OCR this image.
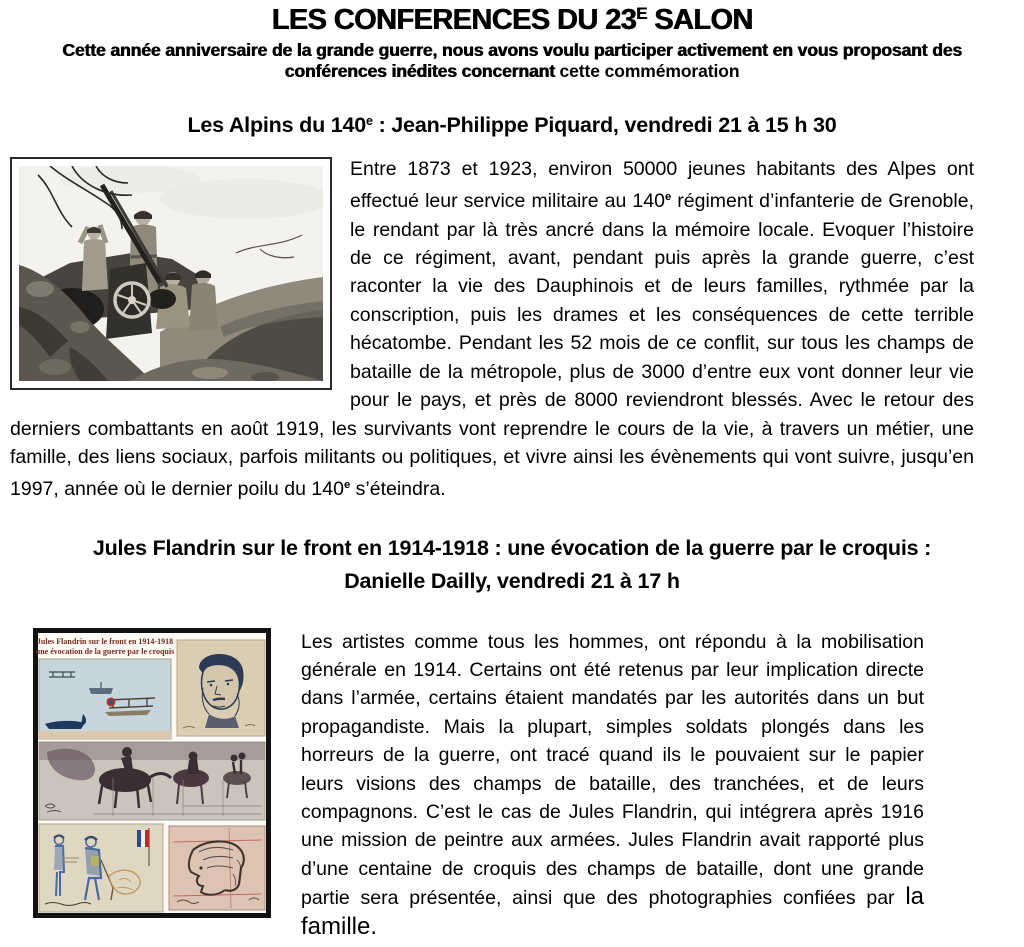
LES CONFERENCES DU 23E SALON
Cette année anniversaire de la grande guerre, nous avons voulu participer activement en vous proposant des conférences inédites concernant cette commémoration
Les Alpins du 140e : Jean-Philippe Piquard, vendredi 21 à 15 h 30

Entre 1873 et 1923, environ 50000 jeunes habitants des Alpes ont effectué leur service militaire au 140e régiment d’infanterie de Grenoble, le rendant par là très ancré dans la mémoire locale. Evoquer l’histoire de ce régiment, avant, pendant puis après la grande guerre, c’est raconter la vie des Dauphinois et de leurs familles, rythmée par la conscription, puis les drames et les conséquences de cette terrible hécatombe. Pendant les 52 mois de ce conflit, sur tous les champs de bataille de la métropole, plus de 3000 d’entre eux vont donner leur vie pour le pays, et près de 8000 reviendront blessés. Avec le retour des derniers combattants en août 1919, les survivants vont reprendre le cours de la vie, à travers un métier, une famille, des liens sociaux, parfois militants ou politiques, et vivre ainsi les évènements qui vont suivre, jusqu’en 1997, année où le dernier poilu du 140e s’éteindra.

Jules Flandrin sur le front en 1914-1918 : une évocation de la guerre par le croquis :
Danielle Dailly, vendredi 21 à 17 h
Jules Flandrin sur le front en 1914-1918
une évocation de la guerre par le croquis	Les artistes comme tous les hommes, ont répondu à la mobilisation générale en 1914. Certains ont été retenus par leur implication directe dans l’armée, certains étaient mandatés par les autorités dans un but propagandiste. Mais la plupart, simples soldats plongés dans les horreurs de la guerre, ont tracé quand ils le pouvaient sur le papier leurs visions des champs de bataille, des tranchées, et de leurs compagnons. C’est le cas de Jules Flandrin, qui intégrera après 1916 une mission de peintre aux armées. Jules Flandrin avait rapporté plus d’une centaine de croquis des champs de bataille, dont une grande partie sera présentée, ainsi que des photographies confiées par la famille.
